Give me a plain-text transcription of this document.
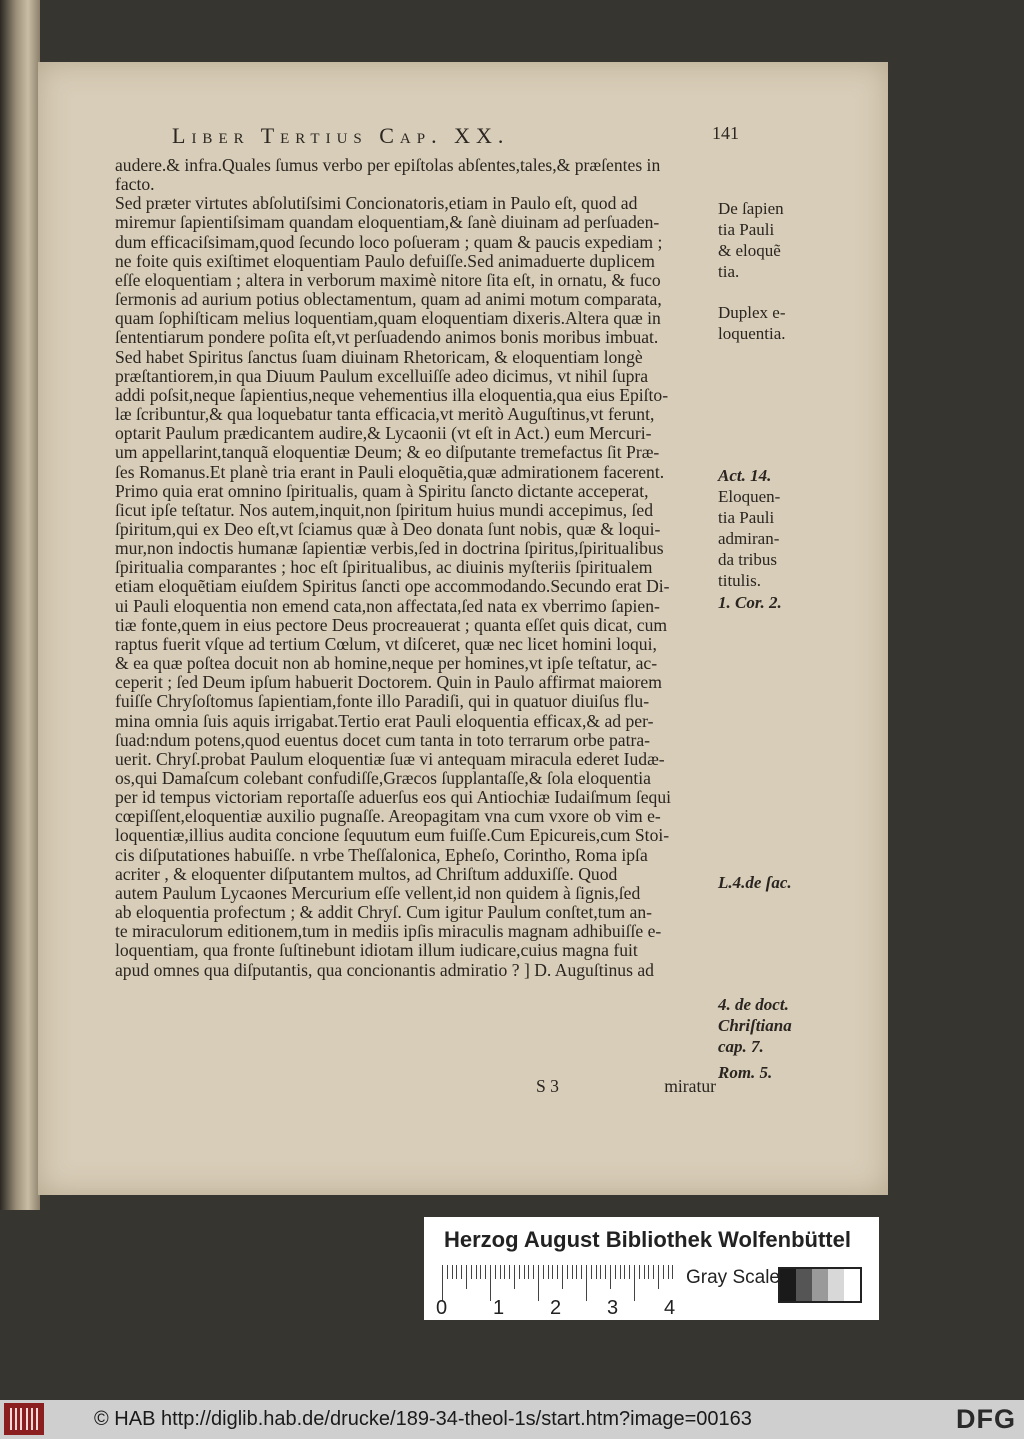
Liber Tertius Cap. XX.	141
audere.& infra.Quales ſumus verbo per epiſtolas abſentes,tales,& præſentes in
facto.
Sed præter virtutes abſolutiſsimi Concionatoris,etiam in Paulo eſt, quod ad
miremur ſapientiſsimam quandam eloquentiam,& ſanè diuinam ad perſuaden-
dum efficaciſsimam,quod ſecundo loco poſueram ; quam & paucis expediam ;
ne foite quis exiſtimet eloquentiam Paulo defuiſſe.Sed animaduerte duplicem
eſſe eloquentiam ; altera in verborum maximè nitore ſita eſt, in ornatu, & fuco
ſermonis ad aurium potius oblectamentum, quam ad animi motum comparata,
quam ſophiſticam melius loquentiam,quam eloquentiam dixeris.Altera quæ in
ſententiarum pondere poſita eſt,vt perſuadendo animos bonis moribus imbuat.
Sed habet Spiritus ſanctus ſuam diuinam Rhetoricam, & eloquentiam longè
præſtantiorem,in qua Diuum Paulum excelluiſſe adeo dicimus, vt nihil ſupra
addi poſsit,neque ſapientius,neque vehementius illa eloquentia,qua eius Epiſto-
læ ſcribuntur,& qua loquebatur tanta efficacia,vt meritò Auguſtinus,vt ferunt,
optarit Paulum prædicantem audire,& Lycaonii (vt eſt in Act.) eum Mercuri-
um appellarint,tanquã eloquentiæ Deum; & eo diſputante tremefactus ſit Præ-
ſes Romanus.Et planè tria erant in Pauli eloquẽtia,quæ admirationem facerent.
Primo quia erat omnino ſpiritualis, quam à Spiritu ſancto dictante acceperat,
ſicut ipſe teſtatur. Nos autem,inquit,non ſpiritum huius mundi accepimus, ſed
ſpiritum,qui ex Deo eſt,vt ſciamus quæ à Deo donata ſunt nobis, quæ & loqui-
mur,non indoctis humanæ ſapientiæ verbis,ſed in doctrina ſpiritus,ſpiritualibus
ſpiritualia comparantes ; hoc eſt ſpiritualibus, ac diuinis myſteriis ſpiritualem
etiam eloquẽtiam eiuſdem Spiritus ſancti ope accommodando.Secundo erat Di-
ui Pauli eloquentia non emend cata,non affectata,ſed nata ex vberrimo ſapien-
tiæ fonte,quem in eius pectore Deus procreauerat ; quanta eſſet quis dicat, cum
raptus fuerit vſque ad tertium Cœlum, vt diſceret, quæ nec licet homini loqui,
& ea quæ poſtea docuit non ab homine,neque per homines,vt ipſe teſtatur, ac-
ceperit ; ſed Deum ipſum habuerit Doctorem. Quin in Paulo affirmat maiorem
fuiſſe Chryſoſtomus ſapientiam,fonte illo Paradiſi, qui in quatuor diuiſus flu-
mina omnia ſuis aquis irrigabat.Tertio erat Pauli eloquentia efficax,& ad per-
ſuad:ndum potens,quod euentus docet cum tanta in toto terrarum orbe patra-
uerit. Chryſ.probat Paulum eloquentiæ ſuæ vi antequam miracula ederet Iudæ-
os,qui Damaſcum colebant confudiſſe,Græcos ſupplantaſſe,& ſola eloquentia
per id tempus victoriam reportaſſe aduerſus eos qui Antiochiæ Iudaiſmum ſequi
cœpiſſent,eloquentiæ auxilio pugnaſſe. Areopagitam vna cum vxore ob vim e-
loquentiæ,illius audita concione ſequutum eum fuiſſe.Cum Epicureis,cum Stoi-
cis diſputationes habuiſſe. n vrbe Theſſalonica, Epheſo, Corintho, Roma ipſa
acriter , & eloquenter diſputantem multos, ad Chriſtum adduxiſſe. Quod
autem Paulum Lycaones Mercurium eſſe vellent,id non quidem à ſignis,ſed
ab eloquentia profectum ; & addit Chryſ. Cum igitur Paulum conſtet,tum an-
te miraculorum editionem,tum in mediis ipſis miraculis magnam adhibuiſſe e-
loquentiam, qua fronte ſuſtinebunt idiotam illum iudicare,cuius magna fuit
apud omnes qua diſputantis, qua concionantis admiratio ? ] D. Auguſtinus ad
De ſapien
tia Pauli
& eloquẽ
tia.
Duplex e-
loquentia.
Act. 14.
Eloquen-
tia Pauli
admiran-
da tribus
titulis.
1. Cor. 2.
L.4.de ſac.
4. de doct.
Chriſtiana
cap. 7.
Rom. 5.
S 3	miratur
Herzog August Bibliothek Wolfenbüttel
Gray Scale
0 1 2 3 4
© HAB http://diglib.hab.de/drucke/189-34-theol-1s/start.htm?image=00163	DFG
